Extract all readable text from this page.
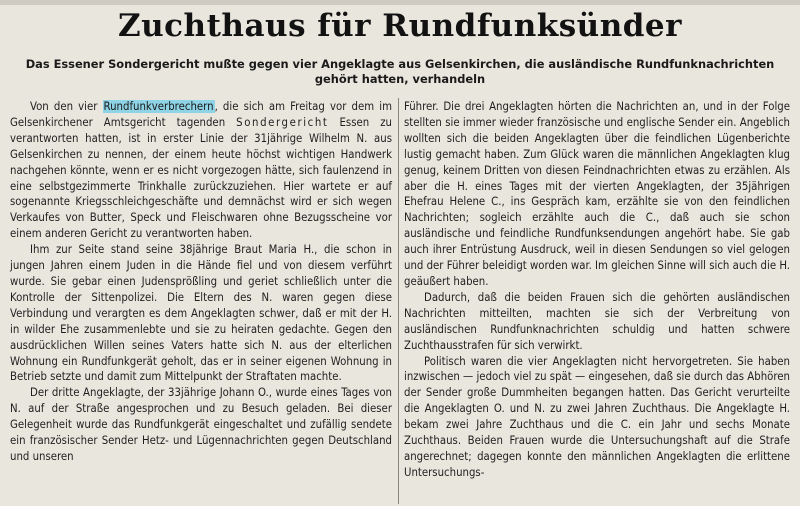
Zuchthaus für Rundfunksünder
Das Essener Sondergericht mußte gegen vier Angeklagte aus Gelsenkirchen, die ausländische Rundfunknachrichten gehört hatten, verhandeln

Von den vier Rundfunkverbrechern, die sich am Freitag vor dem im Gelsenkirchener Amtsgericht tagenden Sondergericht Essen zu verantworten hatten, ist in erster Linie der 31jährige Wilhelm N. aus Gelsenkirchen zu nennen, der einem heute höchst wichtigen Handwerk nachgehen könnte, wenn er es nicht vorgezogen hätte, sich faulenzend in eine selbstgezimmerte Trinkhalle zurückzuziehen. Hier wartete er auf sogenannte Kriegsschleichgeschäfte und demnächst wird er sich wegen Verkaufes von Butter, Speck und Fleischwaren ohne Bezugsscheine vor einem anderen Gericht zu verantworten haben.

Ihm zur Seite stand seine 38jährige Braut Maria H., die schon in jungen Jahren einem Juden in die Hände fiel und von diesem verführt wurde. Sie gebar einen Judensprößling und geriet schließlich unter die Kontrolle der Sittenpolizei. Die Eltern des N. waren gegen diese Verbindung und verargten es dem Angeklagten schwer, daß er mit der H. in wilder Ehe zusammenlebte und sie zu heiraten gedachte. Gegen den ausdrücklichen Willen seines Vaters hatte sich N. aus der elterlichen Wohnung ein Rundfunkgerät geholt, das er in seiner eigenen Wohnung in Betrieb setzte und damit zum Mittelpunkt der Straftaten machte.

Der dritte Angeklagte, der 33jährige Johann O., wurde eines Tages von N. auf der Straße angesprochen und zu Besuch geladen. Bei dieser Gelegenheit wurde das Rundfunkgerät eingeschaltet und zufällig sendete ein französischer Sender Hetz- und Lügennachrichten gegen Deutschland und unseren

Führer. Die drei Angeklagten hörten die Nachrichten an, und in der Folge stellten sie immer wieder französische und englische Sender ein. Angeblich wollten sich die beiden Angeklagten über die feindlichen Lügenberichte lustig gemacht haben. Zum Glück waren die männlichen Angeklagten klug genug, keinem Dritten von diesen Feindnachrichten etwas zu erzählen. Als aber die H. eines Tages mit der vierten Angeklagten, der 35jährigen Ehefrau Helene C., ins Gespräch kam, erzählte sie von den feindlichen Nachrichten; sogleich erzählte auch die C., daß auch sie schon ausländische und feindliche Rundfunksendungen angehört habe. Sie gab auch ihrer Entrüstung Ausdruck, weil in diesen Sendungen so viel gelogen und der Führer beleidigt worden war. Im gleichen Sinne will sich auch die H. geäußert haben.

Dadurch, daß die beiden Frauen sich die gehörten ausländischen Nachrichten mitteilten, machten sie sich der Verbreitung von ausländischen Rundfunknachrichten schuldig und hatten schwere Zuchthausstrafen für sich verwirkt.

Politisch waren die vier Angeklagten nicht hervorgetreten. Sie haben inzwischen — jedoch viel zu spät — eingesehen, daß sie durch das Abhören der Sender große Dummheiten begangen hatten. Das Gericht verurteilte die Angeklagten O. und N. zu zwei Jahren Zuchthaus. Die Angeklagte H. bekam zwei Jahre Zuchthaus und die C. ein Jahr und sechs Monate Zuchthaus. Beiden Frauen wurde die Untersuchungshaft auf die Strafe angerechnet; dagegen konnte den männlichen Angeklagten die erlittene Untersuchungs-
